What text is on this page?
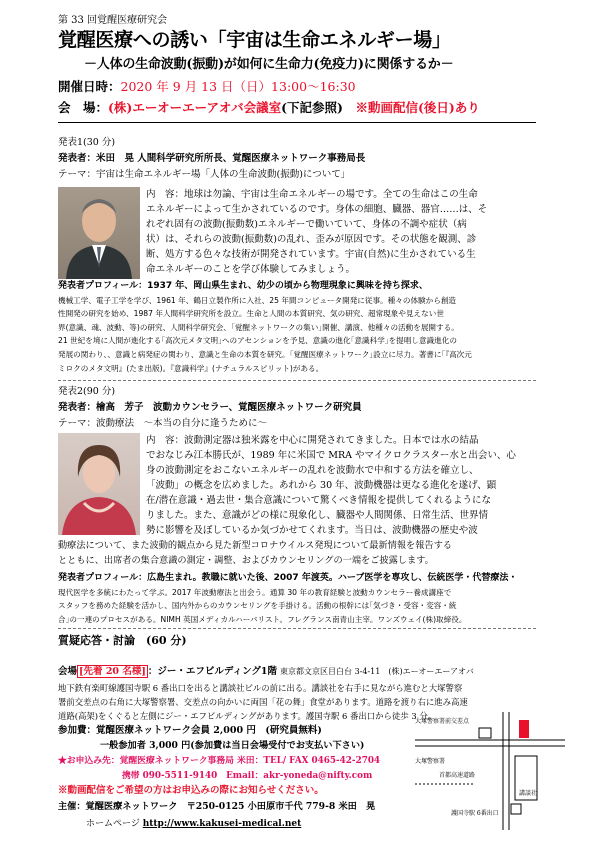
第 33 回覚醒医療研究会
覚醒医療への誘い「宇宙は生命エネルギー場」
－人体の生命波動(振動)が如何に生命力(免疫力)に関係するか－
開催日時：2020 年 9 月 13 日（日）13:00～16:30
会　場：(株)エーオーエーアオバ会議室(下記参照)　 ※動画配信(後日)あり
発表1(30 分)
発表者：米田　晃 人間科学研究所所長、覚醒医療ネットワーク事務局長
テーマ：宇宙は生命エネルギー場「人体の生命波動(振動)について」
内　容：地球は勿論、宇宙は生命エネルギーの場です。全ての生命はこの生命
エネルギーによって生かされているのです。身体の細胞、臓器、器官……は、そ
れぞれ固有の波動(振動数)エネルギーで働いていて、身体の不調や症状（病
状）は、それらの波動(振動数)の乱れ、歪みが原因です。その状態を観測、診
断、処方する色々な技術が開発されています。宇宙(自然)に生かされている生
命エネルギーのことを学び体験してみましょう。
発表者プロフィール：1937 年、岡山県生まれ、幼少の頃から物理現象に興味を持ち探求、
機械工学、電子工学を学び、1961 年、鶴日立製作所に入社、25 年間コンピュータ開発に従事。種々の体験から創造
性開発の研究を始め、1987 年人間科学研究所を設立。生命と人間の本質研究、気の研究、超常現象や見えない世
界(意識、魂、波動、等)の研究、人間科学研究会、｢覚醒ネットワークの集い｣開催、講演、他種々の活動を展開する。
21 世紀を境に人間が進化する｢高次元メタ文明｣へのアセンションを予見、意識の進化｢意識科学｣を提唱し意識進化の
発展の関わり、、意識と病発症の関わり、意識と生命の本質を研究。｢覚醒医療ネットワーク｣設立に尽力。著書に｢『高次元
ミロクのメタ文明』(たま出版)。『意識科学』(ナチュラルスピリット)がある。
発表2(90 分)
発表者：檜高　芳子　波動カウンセラー、覚醒医療ネットワーク研究員
テーマ：波動療法　～本当の自分に逢うために～
内　容：波動測定器は独米露を中心に開発されてきました。日本では水の結晶
でおなじみ江本勝氏が、1989 年に米国で MRA やマイクロクラスター水と出会い、心
身の波動測定をおこないエネルギーの乱れを波動水で中和する方法を確立し、
「波動」の概念を広めました。あれから 30 年、波動機器は更なる進化を遂げ、顕
在/潜在意識・過去世・集合意識について驚くべき情報を提供してくれるようにな
りました。また、意識がどの様に現象化し、臓器や人間関係、日常生活、世界情
勢に影響を及ぼしているか気づかせてくれます。当日は、波動機器の歴史や波
動療法について、また波動的観点から見た新型コロナウイルス発現について最新情報を報告する
とともに、出席者の集合意識の測定・調整、およびカウンセリングの一端をご披露します。
発表者プロフィール：広島生まれ。教職に就いた後、2007 年渡英。ハーブ医学を専攻し、伝統医学・代替療法・
現代医学を多統にわたって学ぶ。2017 年波動療法と出会う。通算 30 年の教育経験と波動カウンセラー養成講座で
スタッフを務めた経験を活かし、国内外からのカウンセリングを手掛ける。活動の根幹には｢気づき・受容・変容・統
合｣の一連のプロセスがある。NIMH 英国メディカルハーバリスト。フレグランス南青山主宰。ワンズウェイ(株)取締役。
質疑応答・討論　(60 分)
会場 [先着 20 名様] ：ジー・エフビルディング1階 東京都文京区目白台 3-4-11　(株)エーオーエーアオバ
地下鉄有楽町線護国寺駅 6 番出口を出ると講談社ビルの前に出る。講談社を右手に見ながら進むと大塚警察
署前交差点の右角に大塚警察署、交差点の向かいに両国「花の舞」食堂があります。道路を渡り右に進み高速
道路(高架)をくぐると左側にジー・エフビルディングがあります。護国寺駅 6 番出口から徒歩 3 分。
参加費：覚醒医療ネットワーク会員 2,000 円　(研究員無料)
一般参加者 3,000 円(参加費は当日会場受付でお支払い下さい)
★お申込み先：覚醒医療ネットワーク事務局 米田：TEL/ FAX 0465-42-2704
携帯 090-5511-9140　Email：akr-yoneda@nifty.com
※動画配信をご希望の方はお申込みの際にお知らせください。
主催：覚醒医療ネットワーク　〒250-0125 小田原市千代 779-8 米田　晃
ホームページ http://www.kakusei-medical.net
大塚警察署前交差点
大塚警察署
首都高速道路
講談社
護国寺駅 6番出口
